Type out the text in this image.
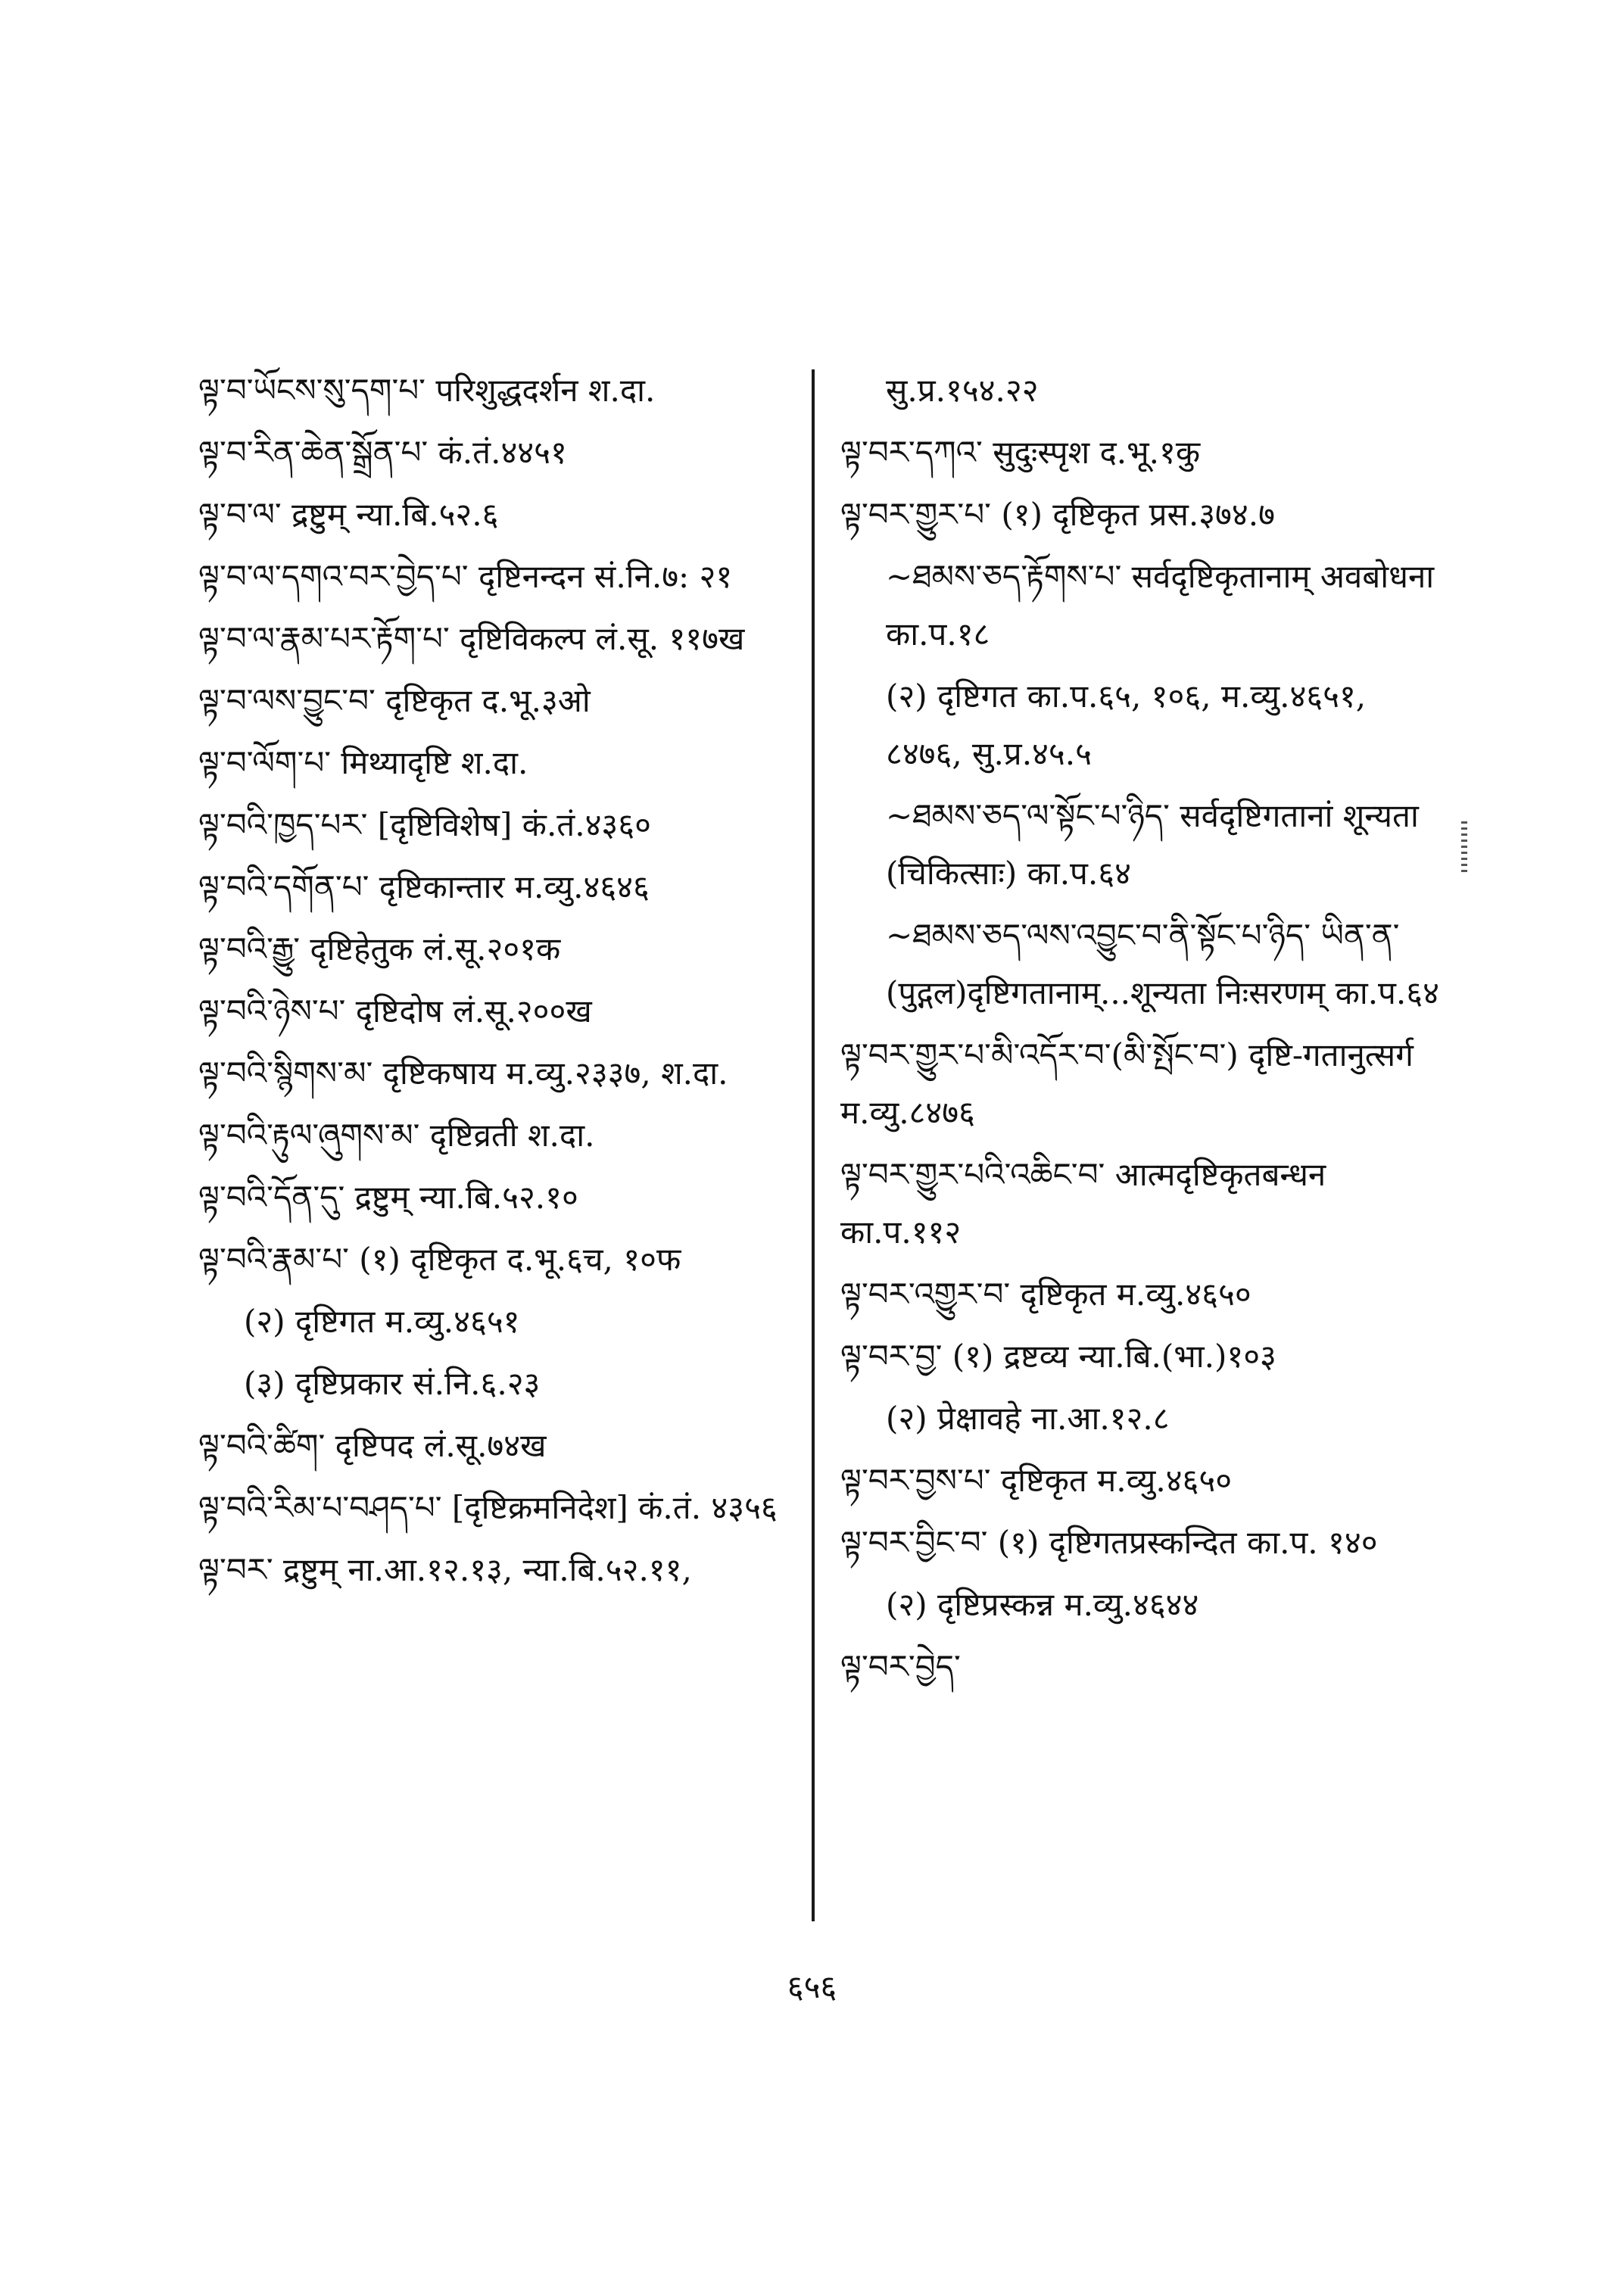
ལྟ་བ་ཡོངས་སུ་དག་པ་ परिशुद्धदर्शन श.दा.
ལྟ་བ་རིན་ཆེན་སྒྲོན་པ་ कं.तं.४४५१
ལྟ་བ་ལ་ द्रष्टुम् न्या.बि.५२.६
ལྟ་བ་ལ་དགའ་བར་བྱེད་པ་ दृष्टिनन्दन सं.नि.७: २१
ལྟ་བ་ལ་རྣམ་པར་རྟོག་པ་ दृष्टिविकल्प लं.सू. ११७ख
ལྟ་བ་ལས་བྱུང་བ་ दृष्टिकृत द.भू.३ओ
ལྟ་བ་ལོག་པ་ मिथ्यादृष्टि श.दा.
ལྟ་བའི་ཁྱད་པར་ [दृष्टिविशेष] कं.तं.४३६०
ལྟ་བའི་དགོན་པ་ दृष्टिकान्तार म.व्यु.४६४६
ལྟ་བའི་རྒྱུ་ दृष्टिहेतुक लं.सू.२०१क
ལྟ་བའི་ཉེས་པ་ दृष्टिदोष लं.सू.२००ख
ལྟ་བའི་སྙིགས་མ་ दृष्टिकषाय म.व्यु.२३३७, श.दा.
ལྟ་བའི་རྟུལ་ཞུགས་མ་ दृष्टिव्रती श.दा.
ལྟ་བའི་དོན་དུ་ द्रष्टुम् न्या.बि.५२.१०
ལྟ་བའི་རྣམ་པ་ (१) दृष्टिकृत द.भू.६च, १०फ
(२) दृष्टिगत म.व्यु.४६५१
(३) दृष्टिप्रकार सं.नि.६.२३
ལྟ་བའི་ཚིག་ दृष्टिपद लं.सू.७४ख
ལྟ་བའི་རིམ་པ་བཤད་པ་ [दृष्टिक्रमनिदेश] कं.तं. ४३५६
ལྟ་བར་ द्रष्टुम् ना.आ.१२.१३, न्या.बि.५२.११,
सु.प्र.१५४.२२
ལྟ་བར་དཀའ་ सुदुःस्पृश द.भू.१कु
ལྟ་བར་གྱུར་པ་ (१) दृष्टिकृत प्रस.३७४.७
~ཐམས་ཅད་རྟོགས་པ་ सर्वदृष्टिकृतानाम् अवबोधना का.प.१८
(२) दृष्टिगत का.प.६५, १०६, म.व्यु.४६५१, ८४७६, सु.प्र.४५.५
~ཐམས་ཅད་ལ་སྟོང་པ་ཉིད་ सर्वदृष्टिगतानां शून्यता (चिकित्साः) का.प.६४
~ཐམས་ཅད་ལས་འབྱུང་བ་ནི་སྟོང་པ་ཉིད་ ཡིན་ན་ (पुद्गल)दृष्टिगतानाम्...शून्यता निःसरणम् का.प.६४
ལྟ་བར་གྱུར་པ་མི་འདོར་བ་(མི་སྤོང་བ་) दृष्टि-गतानुत्सर्ग म.व्यु.८४७६
ལྟ་བར་གྱུར་པའི་འཆིང་བ་ आत्मदृष्टिकृतबन्धन का.प.११२
ལྟ་བར་འགྱུར་བ་ दृष्टिकृत म.व्यु.४६५०
ལྟ་བར་བྱ་ (१) द्रष्टव्य न्या.बि.(भा.)१०३
(२) प्रेक्षावहे ना.आ.१२.८
ལྟ་བར་བྱས་པ་ दृष्टिकृत म.व्यु.४६५०
ལྟ་བར་བྱིང་བ་ (१) दृष्टिगतप्रस्कन्दित का.प. १४०
(२) दृष्टिप्रस्कन्न म.व्यु.४६४४
ལྟ་བར་བྱེད་
६५६
